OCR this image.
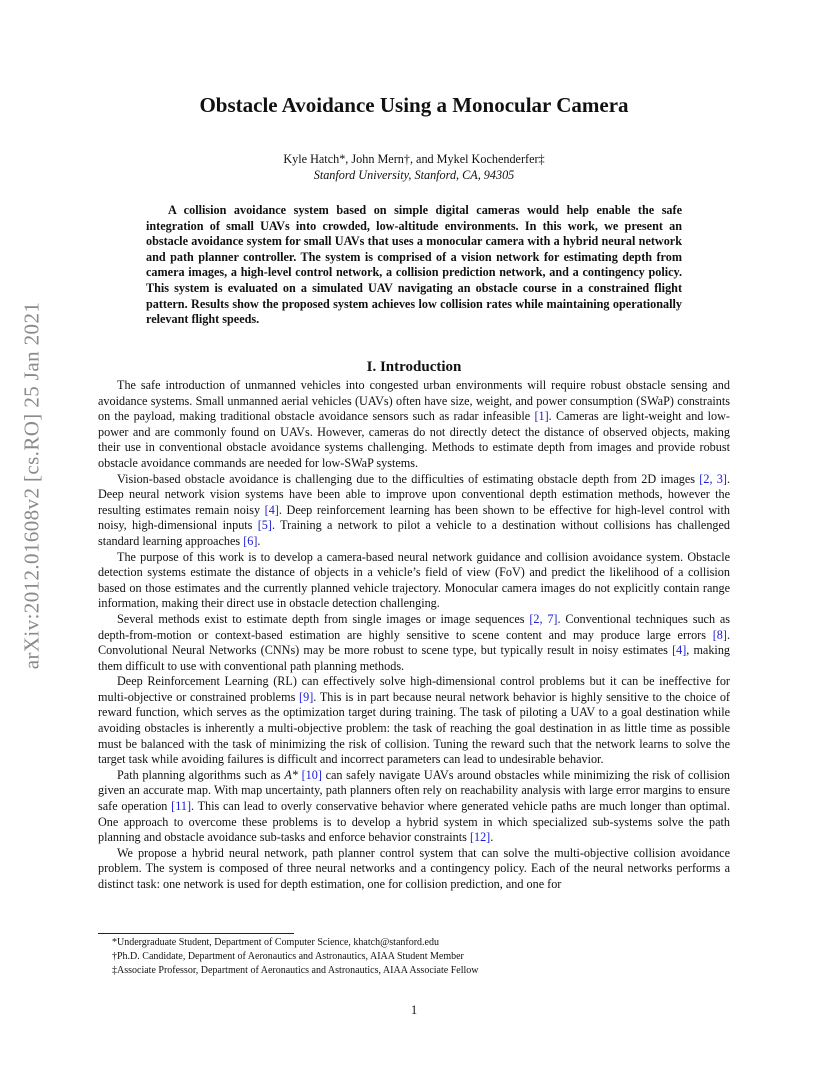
arXiv:2012.01608v2 [cs.RO] 25 Jan 2021
Obstacle Avoidance Using a Monocular Camera
Kyle Hatch*, John Mern†, and Mykel Kochenderfer‡
Stanford University, Stanford, CA, 94305

A collision avoidance system based on simple digital cameras would help enable the safe integration of small UAVs into crowded, low-altitude environments. In this work, we present an obstacle avoidance system for small UAVs that uses a monocular camera with a hybrid neural network and path planner controller. The system is comprised of a vision network for estimating depth from camera images, a high-level control network, a collision prediction network, and a contingency policy. This system is evaluated on a simulated UAV navigating an obstacle course in a constrained flight pattern. Results show the proposed system achieves low collision rates while maintaining operationally relevant flight speeds.

I. Introduction

The safe introduction of unmanned vehicles into congested urban environments will require robust obstacle sensing and avoidance systems. Small unmanned aerial vehicles (UAVs) often have size, weight, and power consumption (SWaP) constraints on the payload, making traditional obstacle avoidance sensors such as radar infeasible [1]. Cameras are light-weight and low-power and are commonly found on UAVs. However, cameras do not directly detect the distance of observed objects, making their use in conventional obstacle avoidance systems challenging. Methods to estimate depth from images and provide robust obstacle avoidance commands are needed for low-SWaP systems.

Vision-based obstacle avoidance is challenging due to the difficulties of estimating obstacle depth from 2D images [2, 3]. Deep neural network vision systems have been able to improve upon conventional depth estimation methods, however the resulting estimates remain noisy [4]. Deep reinforcement learning has been shown to be effective for high-level control with noisy, high-dimensional inputs [5]. Training a network to pilot a vehicle to a destination without collisions has challenged standard learning approaches [6].

The purpose of this work is to develop a camera-based neural network guidance and collision avoidance system. Obstacle detection systems estimate the distance of objects in a vehicle’s field of view (FoV) and predict the likelihood of a collision based on those estimates and the currently planned vehicle trajectory. Monocular camera images do not explicitly contain range information, making their direct use in obstacle detection challenging.

Several methods exist to estimate depth from single images or image sequences [2, 7]. Conventional techniques such as depth-from-motion or context-based estimation are highly sensitive to scene content and may produce large errors [8]. Convolutional Neural Networks (CNNs) may be more robust to scene type, but typically result in noisy estimates [4], making them difficult to use with conventional path planning methods.

Deep Reinforcement Learning (RL) can effectively solve high-dimensional control problems but it can be ineffective for multi-objective or constrained problems [9]. This is in part because neural network behavior is highly sensitive to the choice of reward function, which serves as the optimization target during training. The task of piloting a UAV to a goal destination while avoiding obstacles is inherently a multi-objective problem: the task of reaching the goal destination in as little time as possible must be balanced with the task of minimizing the risk of collision. Tuning the reward such that the network learns to solve the target task while avoiding failures is difficult and incorrect parameters can lead to undesirable behavior.

Path planning algorithms such as A* [10] can safely navigate UAVs around obstacles while minimizing the risk of collision given an accurate map. With map uncertainty, path planners often rely on reachability analysis with large error margins to ensure safe operation [11]. This can lead to overly conservative behavior where generated vehicle paths are much longer than optimal. One approach to overcome these problems is to develop a hybrid system in which specialized sub-systems solve the path planning and obstacle avoidance sub-tasks and enforce behavior constraints [12].

We propose a hybrid neural network, path planner control system that can solve the multi-objective collision avoidance problem. The system is composed of three neural networks and a contingency policy. Each of the neural networks performs a distinct task: one network is used for depth estimation, one for collision prediction, and one for

*Undergraduate Student, Department of Computer Science, khatch@stanford.edu
†Ph.D. Candidate, Department of Aeronautics and Astronautics, AIAA Student Member
‡Associate Professor, Department of Aeronautics and Astronautics, AIAA Associate Fellow
1
